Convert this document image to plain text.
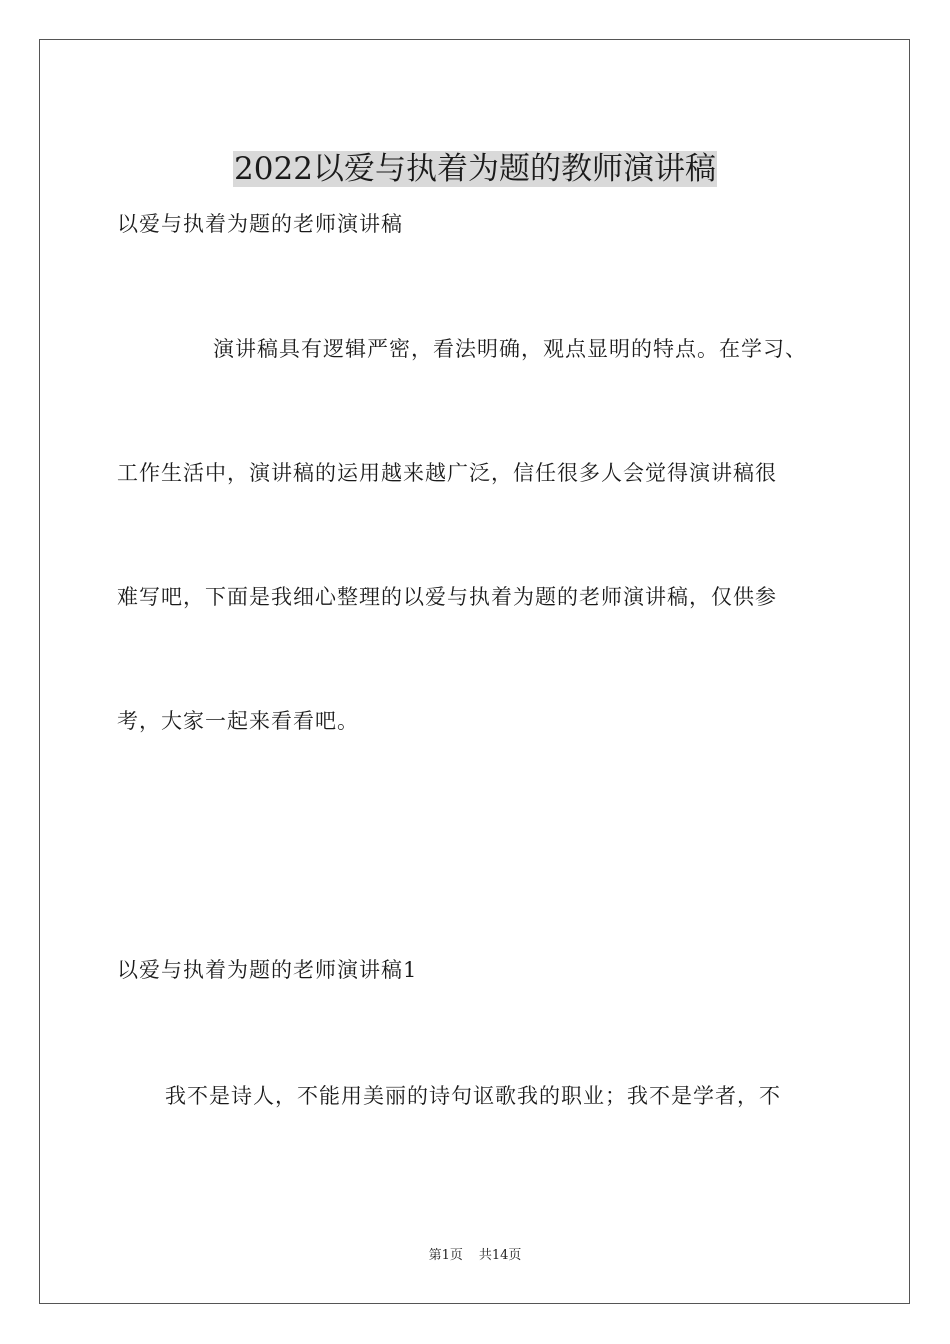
2022以爱与执着为题的教师演讲稿
以爱与执着为题的老师演讲稿
演讲稿具有逻辑严密，看法明确，观点显明的特点。在学习、
工作生活中，演讲稿的运用越来越广泛，信任很多人会觉得演讲稿很
难写吧，下面是我细心整理的以爱与执着为题的老师演讲稿，仅供参
考，大家一起来看看吧。
以爱与执着为题的老师演讲稿1
我不是诗人，不能用美丽的诗句讴歌我的职业；我不是学者，不
第1页 共14页
